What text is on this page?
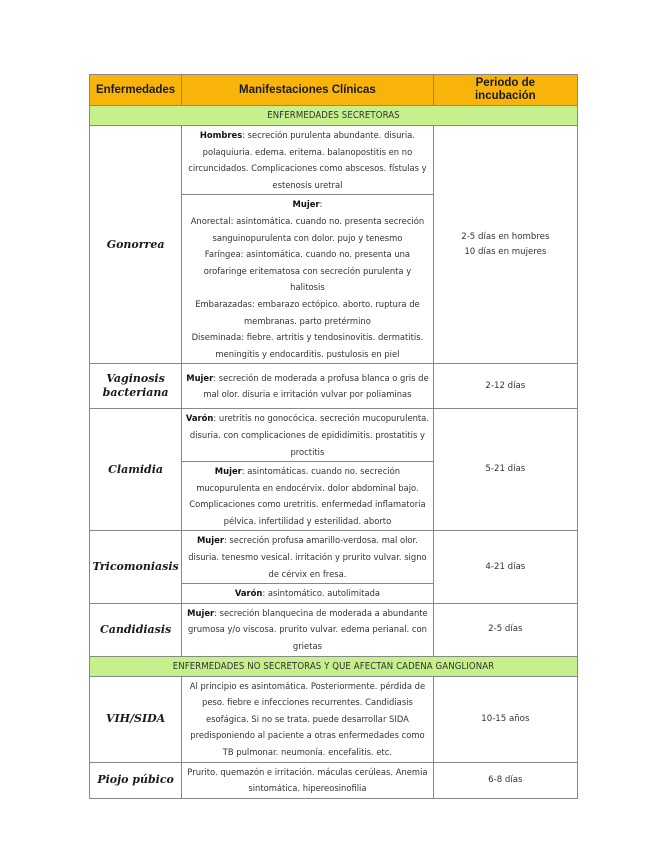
Enfermedades	Manifestaciones Clínicas	Periodo de
incubación
ENFERMEDADES SECRETORAS		
Gonorrea	Hombres: secreción purulenta abundante. disuria. polaquiuria. edema. eritema. balanopostitis en no circuncidados. Complicaciones como abscesos. fístulas y estenosis uretral	2-5 días en hombres
10 días en mujeres
	Mujer:
Anorectal: asintomática. cuando no. presenta secreción sanguinopurulenta con dolor. pujo y tenesmo
Faríngea: asintomática. cuando no. presenta una orofaringe eritematosa con secreción purulenta y halitosis
Embarazadas: embarazo ectópico. aborto. ruptura de membranas. parto pretérmino
Diseminada: fiebre. artritis y tendosinovitis. dermatitis. meningitis y endocarditis. pustulosis en piel	
Vaginosis
bacteriana	Mujer: secreción de moderada a profusa blanca o gris de mal olor. disuria e irritación vulvar por poliaminas	2-12 días
Clamidia	Varón: uretritis no gonocócica. secreción mucopurulenta. disuria. con complicaciones de epididimitis. prostatitis y proctitis	5-21 días
	Mujer: asintomáticas. cuando no. secreción mucopurulenta en endocérvix. dolor abdominal bajo. Complicaciones como uretritis. enfermedad inflamatoria pélvica. infertilidad y esterilidad. aborto	
Tricomoniasis	Mujer: secreción profusa amarillo-verdosa. mal olor. disuria. tenesmo vesical. irritación y prurito vulvar. signo de cérvix en fresa.	4-21 días
	Varón: asintomático. autolimitada	
Candidiasis	Mujer: secreción blanquecina de moderada a abundante grumosa y/o viscosa. prurito vulvar. edema perianal. con grietas	2-5 días
ENFERMEDADES NO SECRETORAS Y QUE AFECTAN CADENA GANGLIONAR		
VIH/SIDA	Al principio es asintomática. Posteriormente. pérdida de peso. fiebre e infecciones recurrentes. Candidiasis esofágica. Si no se trata. puede desarrollar SIDA predisponiendo al paciente a otras enfermedades como TB pulmonar. neumonía. encefalitis. etc.	10-15 años
Piojo púbico	Prurito. quemazón e irritación. máculas cerúleas. Anemia sintomática. hipereosinofilia	6-8 días
